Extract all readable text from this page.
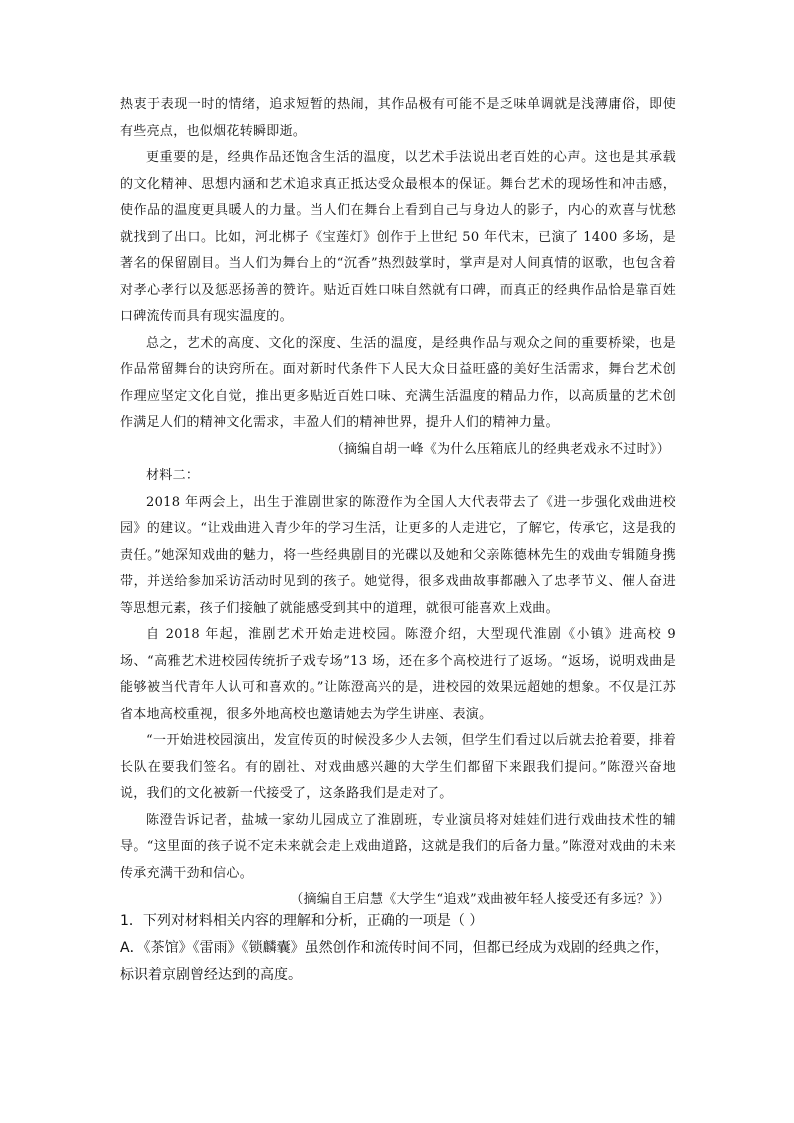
热衷于表现一时的情绪，追求短暂的热闹，其作品极有可能不是乏味单调就是浅薄庸俗，即使有些亮点，也似烟花转瞬即逝。

更重要的是，经典作品还饱含生活的温度，以艺术手法说出老百姓的心声。这也是其承载的文化精神、思想内涵和艺术追求真正抵达受众最根本的保证。舞台艺术的现场性和冲击感，使作品的温度更具暖人的力量。当人们在舞台上看到自己与身边人的影子，内心的欢喜与忧愁就找到了出口。比如，河北梆子《宝莲灯》创作于上世纪 50 年代末，已演了 1400 多场，是著名的保留剧目。当人们为舞台上的“沉香”热烈鼓掌时，掌声是对人间真情的讴歌，也包含着对孝心孝行以及惩恶扬善的赞许。贴近百姓口味自然就有口碑，而真正的经典作品恰是靠百姓口碑流传而具有现实温度的。

总之，艺术的高度、文化的深度、生活的温度，是经典作品与观众之间的重要桥梁，也是作品常留舞台的诀窍所在。面对新时代条件下人民大众日益旺盛的美好生活需求，舞台艺术创作理应坚定文化自觉，推出更多贴近百姓口味、充满生活温度的精品力作，以高质量的艺术创作满足人们的精神文化需求，丰盈人们的精神世界，提升人们的精神力量。

（摘编自胡一峰《为什么压箱底儿的经典老戏永不过时》）

材料二：

2018 年两会上，出生于淮剧世家的陈澄作为全国人大代表带去了《进一步强化戏曲进校园》的建议。“让戏曲进入青少年的学习生活，让更多的人走进它，了解它，传承它，这是我的责任。”她深知戏曲的魅力，将一些经典剧目的光碟以及她和父亲陈德林先生的戏曲专辑随身携带，并送给参加采访活动时见到的孩子。她觉得，很多戏曲故事都融入了忠孝节义、催人奋进等思想元素，孩子们接触了就能感受到其中的道理，就很可能喜欢上戏曲。

自 2018 年起，淮剧艺术开始走进校园。陈澄介绍，大型现代淮剧《小镇》进高校 9 场、“高雅艺术进校园传统折子戏专场”13 场，还在多个高校进行了返场。“返场，说明戏曲是能够被当代青年人认可和喜欢的。”让陈澄高兴的是，进校园的效果远超她的想象。不仅是江苏省本地高校重视，很多外地高校也邀请她去为学生讲座、表演。

“一开始进校园演出，发宣传页的时候没多少人去领，但学生们看过以后就去抢着要，排着长队在要我们签名。有的剧社、对戏曲感兴趣的大学生们都留下来跟我们提问。”陈澄兴奋地说，我们的文化被新一代接受了，这条路我们是走对了。

陈澄告诉记者，盐城一家幼儿园成立了淮剧班，专业演员将对娃娃们进行戏曲技术性的辅导。“这里面的孩子说不定未来就会走上戏曲道路，这就是我们的后备力量。”陈澄对戏曲的未来传承充满干劲和信心。

（摘编自王启慧《大学生“追戏”戏曲被年轻人接受还有多远？》）

1．下列对材料相关内容的理解和分析，正确的一项是（ ）

A．《茶馆》《雷雨》《锁麟囊》虽然创作和流传时间不同，但都已经成为戏剧的经典之作，标识着京剧曾经达到的高度。
